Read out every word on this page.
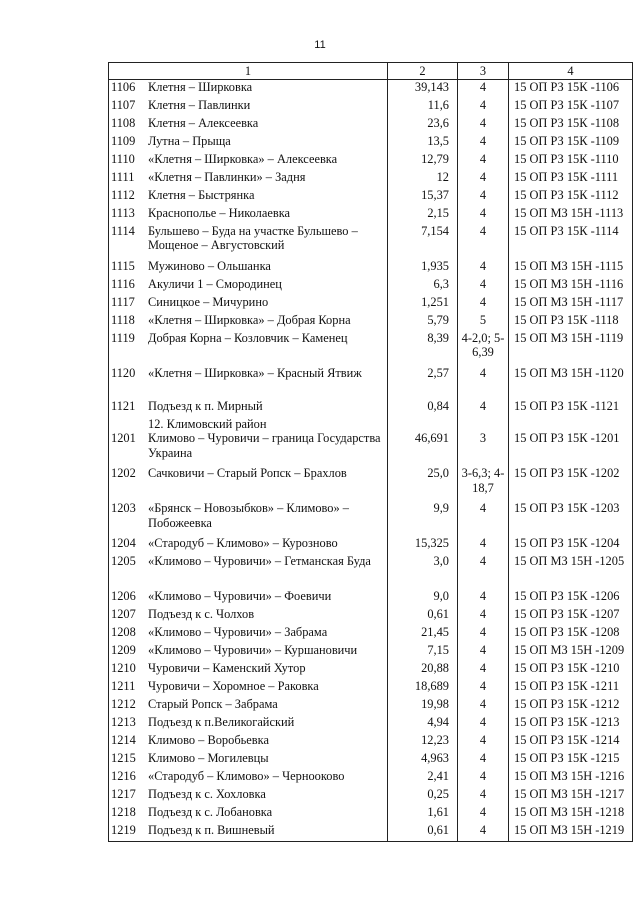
11
1	2	3	4

1106 Клетня – Ширковка	39,143	4	15 ОП РЗ 15К -1106

1107 Клетня – Павлинки	11,6	4	15 ОП РЗ 15К -1107

1108 Клетня – Алексеевка	23,6	4	15 ОП РЗ 15К -1108

1109 Лутна – Прыща	13,5	4	15 ОП РЗ 15К -1109

1110 «Клетня – Ширковка» – Алексеевка	12,79	4	15 ОП РЗ 15К -1110

1111 «Клетня – Павлинки» – Задня	12	4	15 ОП РЗ 15К -1111

1112 Клетня – Быстрянка	15,37	4	15 ОП РЗ 15К -1112

1113 Краснополье – Николаевка	2,15	4	15 ОП МЗ 15Н -1113

1114 Бульшево – Буда на участке Бульшево – Мощеное – Августовский	7,154	4	15 ОП РЗ 15К -1114

1115 Мужиново – Ольшанка	1,935	4	15 ОП МЗ 15Н -1115

1116 Акуличи 1 – Смородинец	6,3	4	15 ОП МЗ 15Н -1116

1117 Синицкое – Мичурино	1,251	4	15 ОП МЗ 15Н -1117

1118 «Клетня – Ширковка» – Добрая Корна	5,79	5	15 ОП РЗ 15К -1118

1119 Добрая Корна – Козловчик – Каменец	8,39	4-2,0; 5-6,39	15 ОП МЗ 15Н -1119

1120 «Клетня – Ширковка» – Красный Ятвиж	2,57	4	15 ОП МЗ 15Н -1120

1121 Подъезд к п. Мирный	0,84	4	15 ОП РЗ 15К -1121

12. Климовский район			

1201 Климово – Чуровичи – граница Государства Украина	46,691	3	15 ОП РЗ 15К -1201

1202 Сачковичи – Старый Ропск – Брахлов	25,0	3-6,3; 4-18,7	15 ОП РЗ 15К -1202

1203 «Брянск – Новозыбков» – Климово» – Побожеевка	9,9	4	15 ОП РЗ 15К -1203

1204 «Стародуб – Климово» – Курозново	15,325	4	15 ОП РЗ 15К -1204

1205 «Климово – Чуровичи» – Гетманская Буда	3,0	4	15 ОП МЗ 15Н -1205

1206 «Климово – Чуровичи» – Фоевичи	9,0	4	15 ОП РЗ 15К -1206

1207 Подъезд к с. Чолхов	0,61	4	15 ОП РЗ 15К -1207

1208 «Климово – Чуровичи» – Забрама	21,45	4	15 ОП РЗ 15К -1208

1209 «Климово – Чуровичи» – Куршановичи	7,15	4	15 ОП МЗ 15Н -1209

1210 Чуровичи – Каменский Хутор	20,88	4	15 ОП РЗ 15К -1210

1211 Чуровичи – Хоромное – Раковка	18,689	4	15 ОП РЗ 15К -1211

1212 Старый Ропск – Забрама	19,98	4	15 ОП РЗ 15К -1212

1213 Подъезд к п.Великогайский	4,94	4	15 ОП РЗ 15К -1213

1214 Климово – Воробьевка	12,23	4	15 ОП РЗ 15К -1214

1215 Климово – Могилевцы	4,963	4	15 ОП РЗ 15К -1215

1216 «Стародуб – Климово» – Чернооково	2,41	4	15 ОП МЗ 15Н -1216

1217 Подъезд к с. Хохловка	0,25	4	15 ОП МЗ 15Н -1217

1218 Подъезд к с. Лобановка	1,61	4	15 ОП МЗ 15Н -1218

1219 Подъезд к п. Вишневый	0,61	4	15 ОП МЗ 15Н -1219
